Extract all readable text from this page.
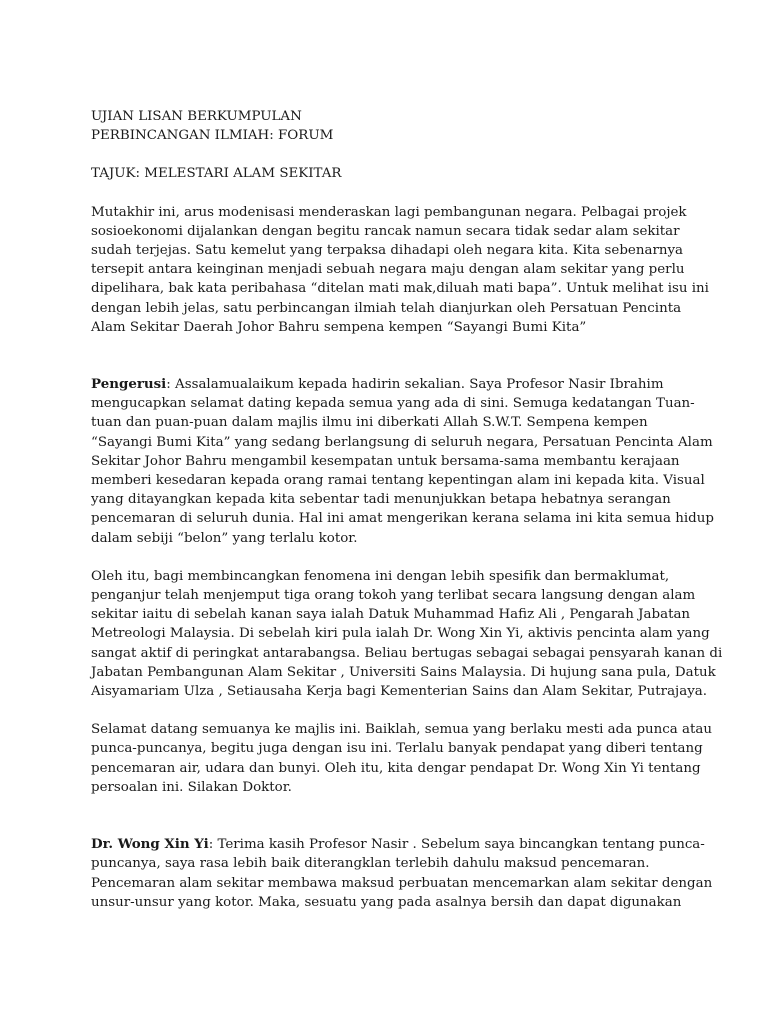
UJIAN LISAN BERKUMPULAN
PERBINCANGAN ILMIAH: FORUM
TAJUK: MELESTARI ALAM SEKITAR
Mutakhir ini, arus modenisasi menderaskan lagi pembangunan negara. Pelbagai projek
sosioekonomi dijalankan dengan begitu rancak namun secara tidak sedar alam sekitar
sudah terjejas. Satu kemelut yang terpaksa dihadapi oleh negara kita. Kita sebenarnya
tersepit antara keinginan menjadi sebuah negara maju dengan alam sekitar yang perlu
dipelihara, bak kata peribahasa “ditelan mati mak,diluah mati bapa”. Untuk melihat isu ini
dengan lebih jelas, satu perbincangan ilmiah telah dianjurkan oleh Persatuan Pencinta
Alam Sekitar Daerah Johor Bahru sempena kempen “Sayangi Bumi Kita”
Pengerusi: Assalamualaikum kepada hadirin sekalian. Saya Profesor Nasir Ibrahim
mengucapkan selamat dating kepada semua yang ada di sini. Semuga kedatangan Tuan-
tuan dan puan-puan dalam majlis ilmu ini diberkati Allah S.W.T. Sempena kempen
“Sayangi Bumi Kita” yang sedang berlangsung di seluruh negara, Persatuan Pencinta Alam
Sekitar Johor Bahru mengambil kesempatan untuk bersama-sama membantu kerajaan
memberi kesedaran kepada orang ramai tentang kepentingan alam ini kepada kita. Visual
yang ditayangkan kepada kita sebentar tadi menunjukkan betapa hebatnya serangan
pencemaran di seluruh dunia. Hal ini amat mengerikan kerana selama ini kita semua hidup
dalam sebiji “belon” yang terlalu kotor.
Oleh itu, bagi membincangkan fenomena ini dengan lebih spesifik dan bermaklumat,
penganjur telah menjemput tiga orang tokoh yang terlibat secara langsung dengan alam
sekitar iaitu di sebelah kanan saya ialah Datuk Muhammad Hafiz Ali , Pengarah Jabatan
Metreologi Malaysia. Di sebelah kiri pula ialah Dr. Wong Xin Yi, aktivis pencinta alam yang
sangat aktif di peringkat antarabangsa. Beliau bertugas sebagai sebagai pensyarah kanan di
Jabatan Pembangunan Alam Sekitar , Universiti Sains Malaysia. Di hujung sana pula, Datuk
Aisyamariam Ulza , Setiausaha Kerja bagi Kementerian Sains dan Alam Sekitar, Putrajaya.
Selamat datang semuanya ke majlis ini. Baiklah, semua yang berlaku mesti ada punca atau
punca-puncanya, begitu juga dengan isu ini. Terlalu banyak pendapat yang diberi tentang
pencemaran air, udara dan bunyi. Oleh itu, kita dengar pendapat Dr. Wong Xin Yi tentang
persoalan ini. Silakan Doktor.
Dr. Wong Xin Yi: Terima kasih Profesor Nasir . Sebelum saya bincangkan tentang punca-
puncanya, saya rasa lebih baik diterangklan terlebih dahulu maksud pencemaran.
Pencemaran alam sekitar membawa maksud perbuatan mencemarkan alam sekitar dengan
unsur-unsur yang kotor. Maka, sesuatu yang pada asalnya bersih dan dapat digunakan
